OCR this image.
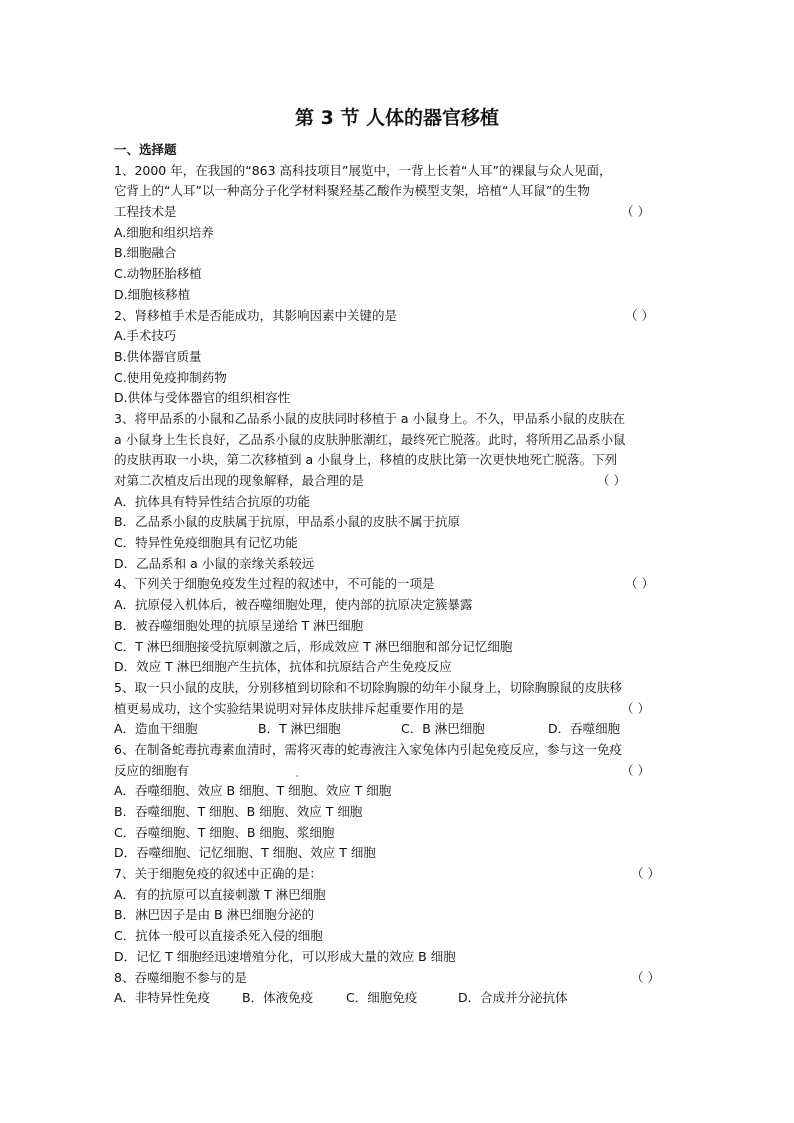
第 3 节 人体的器官移植
一、选择题
1、2000 年，在我国的“863 高科技项目”展览中，一背上长着“人耳”的裸鼠与众人见面，
它背上的“人耳”以一种高分子化学材料聚羟基乙酸作为模型支架，培植“人耳鼠”的生物
工程技术是	（ ）
A.细胞和组织培养
B.细胞融合
C.动物胚胎移植
D.细胞核移植
2、肾移植手术是否能成功，其影响因素中关键的是	（ ）
A.手术技巧
B.供体器官质量
C.使用免疫抑制药物
D.供体与受体器官的组织相容性
3、将甲品系的小鼠和乙品系小鼠的皮肤同时移植于 a 小鼠身上。不久，甲品系小鼠的皮肤在
a 小鼠身上生长良好，乙品系小鼠的皮肤肿胀潮红，最终死亡脱落。此时，将所用乙品系小鼠
的皮肤再取一小块，第二次移植到 a 小鼠身上，移植的皮肤比第一次更快地死亡脱落。下列
对第二次植皮后出现的现象解释，最合理的是	（ ）
A．抗体具有特异性结合抗原的功能
B．乙品系小鼠的皮肤属于抗原，甲品系小鼠的皮肤不属于抗原
C．特异性免疫细胞具有记忆功能
D．乙品系和 a 小鼠的亲缘关系较远
4、下列关于细胞免疫发生过程的叙述中，不可能的一项是	（ ）
A．抗原侵入机体后，被吞噬细胞处理，使内部的抗原决定簇暴露
B．被吞噬细胞处理的抗原呈递给 T 淋巴细胞
C．T 淋巴细胞接受抗原刺激之后，形成效应 T 淋巴细胞和部分记忆细胞
D．效应 T 淋巴细胞产生抗体，抗体和抗原结合产生免疫反应
5、取一只小鼠的皮肤，分别移植到切除和不切除胸腺的幼年小鼠身上，切除胸腺鼠的皮肤移
植更易成功，这个实验结果说明对异体皮肤排斥起重要作用的是	（ ）
A．造血干细胞	B．T 淋巴细胞	C．B 淋巴细胞	D．吞噬细胞
6、在制备蛇毒抗毒素血清时，需将灭毒的蛇毒液注入家兔体内引起免疫反应，参与这一免疫
反应的细胞有	（ ）
A．吞噬细胞、效应 B 细胞、T 细胞、效应 T 细胞
B．吞噬细胞、T 细胞、B 细胞、效应 T 细胞
C．吞噬细胞、T 细胞、B 细胞、浆细胞
D．吞噬细胞、记忆细胞、T 细胞、效应 T 细胞
7、关于细胞免疫的叙述中正确的是：	（ ）
A．有的抗原可以直接刺激 T 淋巴细胞
B．淋巴因子是由 B 淋巴细胞分泌的
C．抗体一般可以直接杀死入侵的细胞
D．记忆 T 细胞经迅速增殖分化，可以形成大量的效应 B 细胞
8、吞噬细胞不参与的是	（ ）
A．非特异性免疫	B．体液免疫	C．细胞免疫	D．合成并分泌抗体
